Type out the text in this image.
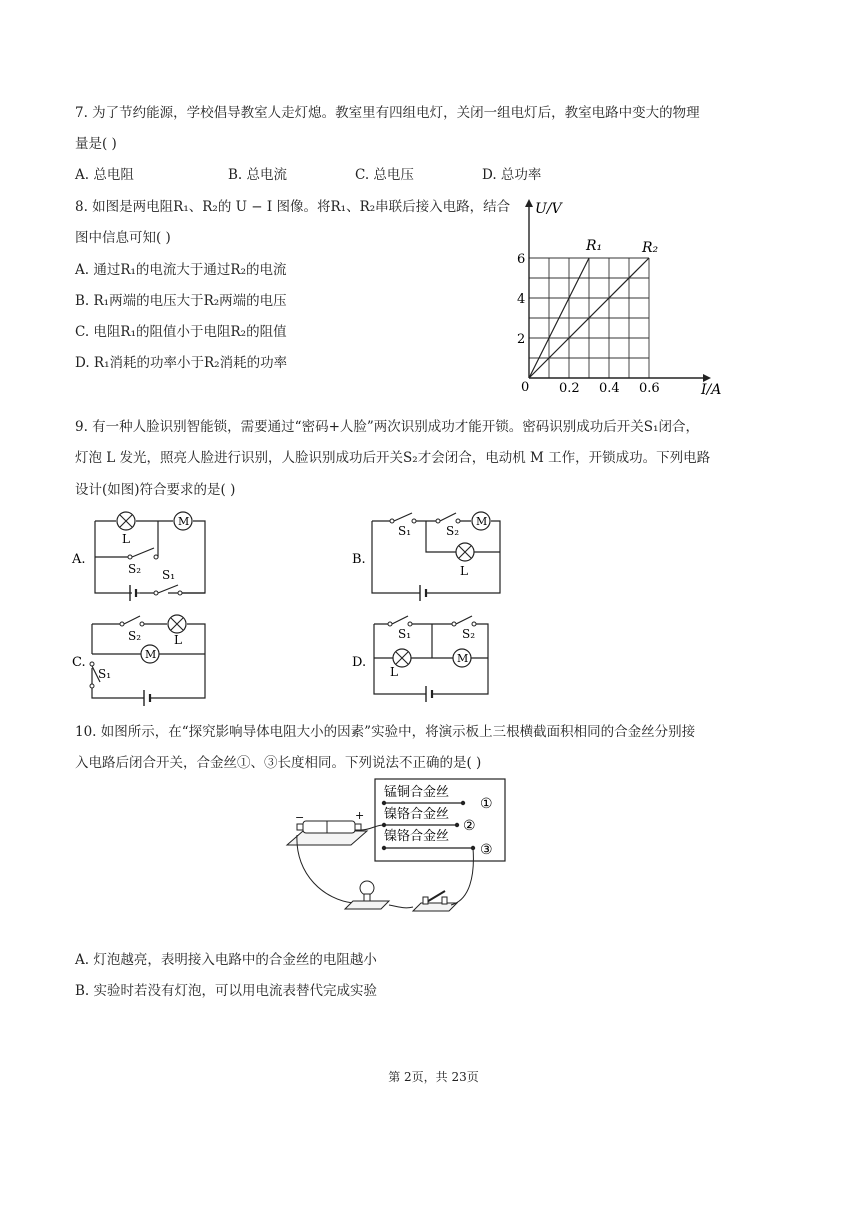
7. 为了节约能源，学校倡导教室人走灯熄。教室里有四组电灯，关闭一组电灯后，教室电路中变大的物理
量是( )
A. 总电阻	B. 总电流	C. 总电压	D. 总功率
8. 如图是两电阻R₁、R₂的 U − I 图像。将R₁、R₂串联后接入电路，结合
图中信息可知( )
A. 通过R₁的电流大于通过R₂的电流
B. R₁两端的电压大于R₂两端的电压
C. 电阻R₁的阻值小于电阻R₂的阻值
D. R₁消耗的功率小于R₂消耗的功率
U/V
I/A
0
2
4
6
0.2 0.4 0.6
R₁	R₂
9. 有一种人脸识别智能锁，需要通过“密码+人脸”两次识别成功才能开锁。密码识别成功后开关S₁闭合，
灯泡 L 发光，照亮人脸进行识别，人脸识别成功后开关S₂才会闭合，电动机 M 工作，开锁成功。下列电路
设计(如图)符合要求的是( )
A.
L
M
S₂ S₁
B.
S₁	S₂
M
L
C.
S₂	L
M
S₁
D.
S₁	S₂
L
M
10. 如图所示，在“探究影响导体电阻大小的因素”实验中，将演示板上三根横截面积相同的合金丝分别接
入电路后闭合开关，合金丝①、③长度相同。下列说法不正确的是( )
锰铜合金丝
①
镍铬合金丝
②
镍铬合金丝
③
−	+
A. 灯泡越亮，表明接入电路中的合金丝的电阻越小
B. 实验时若没有灯泡，可以用电流表替代完成实验
第 2页，共 23页
